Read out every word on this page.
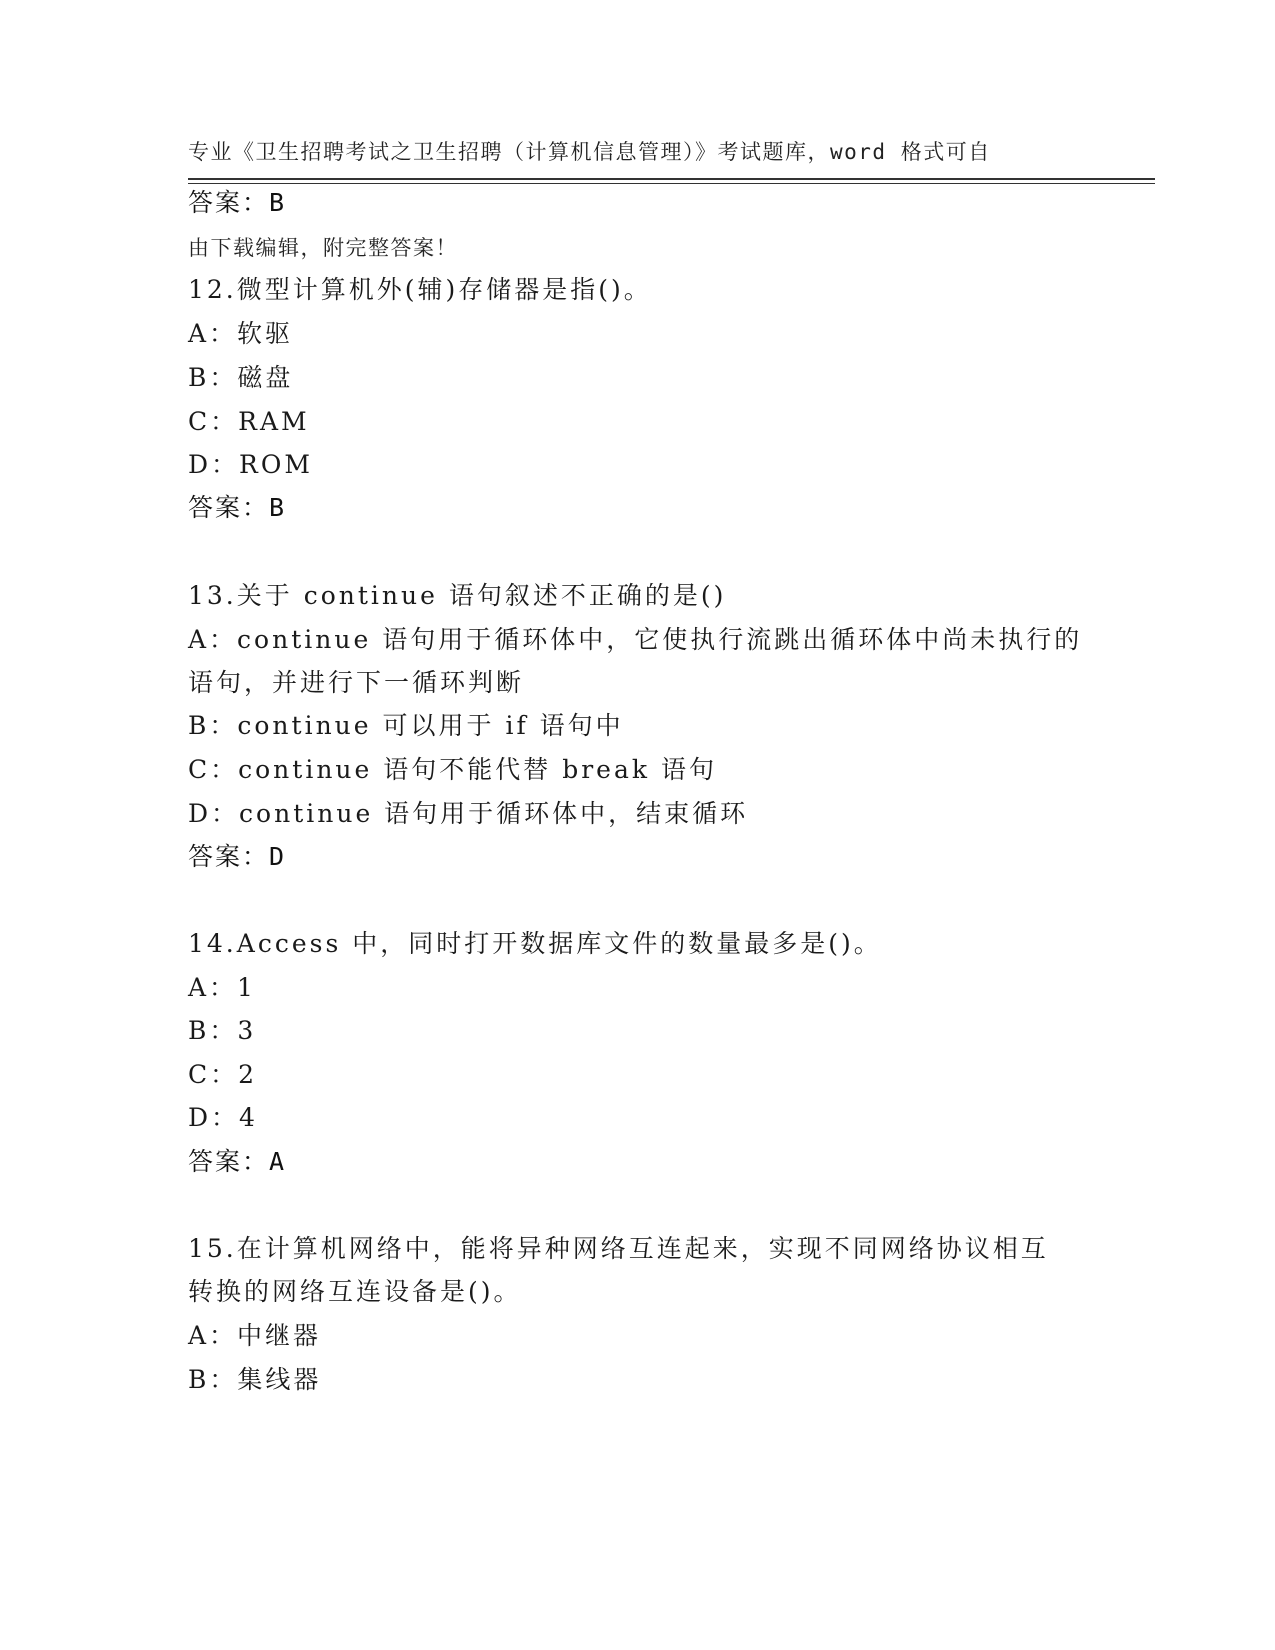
专业《卫生招聘考试之卫生招聘（计算机信息管理）》考试题库，word 格式可自

由下载编辑，附完整答案！

答案：B
12.微型计算机外(辅)存储器是指()。
A：软驱
B：磁盘
C：RAM
D：ROM
答案：B
13.关于 continue 语句叙述不正确的是()
A：continue 语句用于循环体中，它使执行流跳出循环体中尚未执行的
语句，并进行下一循环判断
B：continue 可以用于 if 语句中
C：continue 语句不能代替 break 语句
D：continue 语句用于循环体中，结束循环
答案：D
14.Access 中，同时打开数据库文件的数量最多是()。
A：1
B：3
C：2
D：4
答案：A
15.在计算机网络中，能将异种网络互连起来，实现不同网络协议相互
转换的网络互连设备是()。
A：中继器
B：集线器
